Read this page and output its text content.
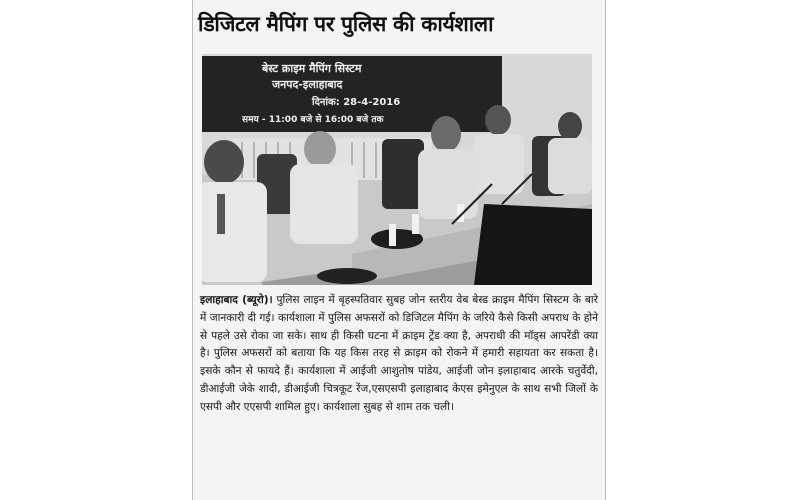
डिजिटल मैपिंग पर पुलिस की कार्यशाला
बेस्ट क्राइम मैपिंग सिस्टम
जनपद-इलाहाबाद
दिनांक: 28-4-2016
समय - 11:00 बजे से 16:00 बजे तक

इलाहाबाद (ब्यूरो)। पुलिस लाइन में बृहस्पतिवार सुबह जोन स्तरीय वेब बेस्ड क्राइम मैपिंग सिस्टम के बारे में जानकारी दी गई। कार्यशाला में पुलिस अफसरों को डिजिटल मैपिंग के जरिये कैसे किसी अपराध के होने से पहले उसे रोका जा सके। साथ ही किसी घटना में क्राइम ट्रेंड क्या है, अपराधी की मॉड्स आपरेंडी क्या है। पुलिस अफसरों को बताया कि यह किस तरह से क्राइम को रोकने में हमारी सहायता कर सकता है। इसके कौन से फायदे हैं। कार्यशाला में आईजी आशुतोष पांडेय, आईजी जोन इलाहाबाद आरके चतुर्वेदी, डीआईजी जेके शादी, डीआईजी चित्रकूट रेंज,एसएसपी इलाहाबाद केएस इमेनुएल के साथ सभी जिलों के एसपी और एएसपी शामिल हुए। कार्यशाला सुबह से शाम तक चली।
